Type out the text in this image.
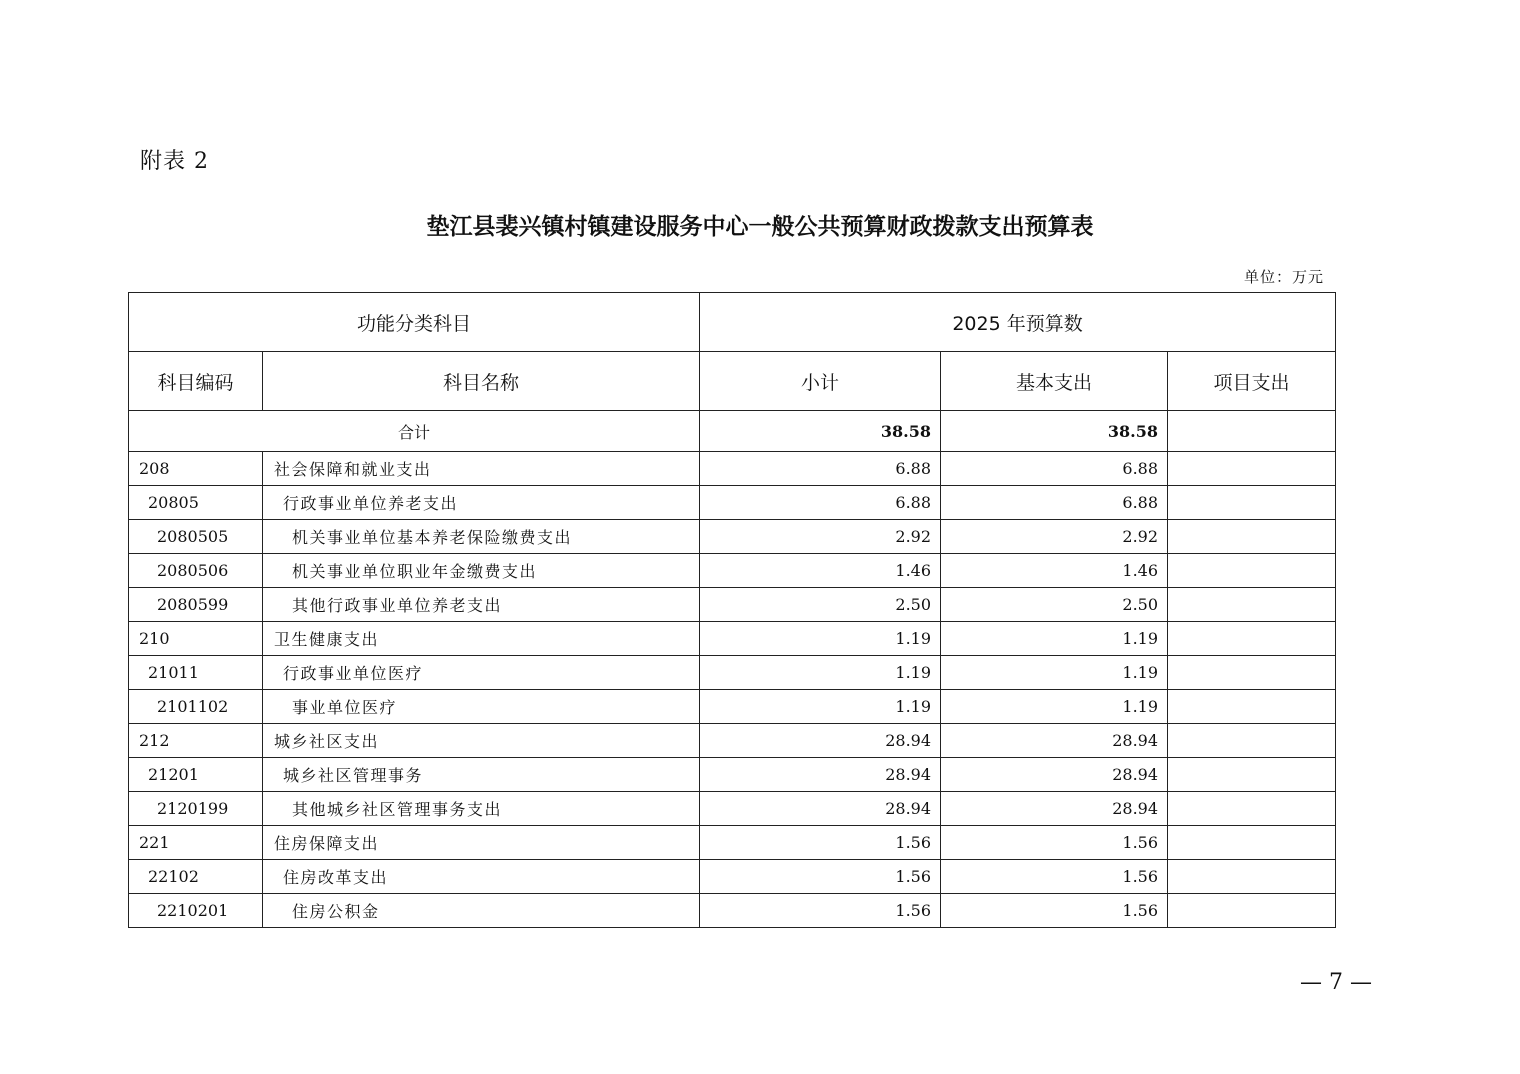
附表 2
垫江县裴兴镇村镇建设服务中心一般公共预算财政拨款支出预算表
单位：万元
功能分类科目		2025 年预算数		
科目编码	科目名称	小计	基本支出	项目支出
合计		38.58	38.58	
208	社会保障和就业支出	6.88	6.88	
20805	行政事业单位养老支出	6.88	6.88	
2080505	机关事业单位基本养老保险缴费支出	2.92	2.92	
2080506	机关事业单位职业年金缴费支出	1.46	1.46	
2080599	其他行政事业单位养老支出	2.50	2.50	
210	卫生健康支出	1.19	1.19	
21011	行政事业单位医疗	1.19	1.19	
2101102	事业单位医疗	1.19	1.19	
212	城乡社区支出	28.94	28.94	
21201	城乡社区管理事务	28.94	28.94	
2120199	其他城乡社区管理事务支出	28.94	28.94	
221	住房保障支出	1.56	1.56	
22102	住房改革支出	1.56	1.56	
2210201	住房公积金	1.56	1.56	
— 7 —
